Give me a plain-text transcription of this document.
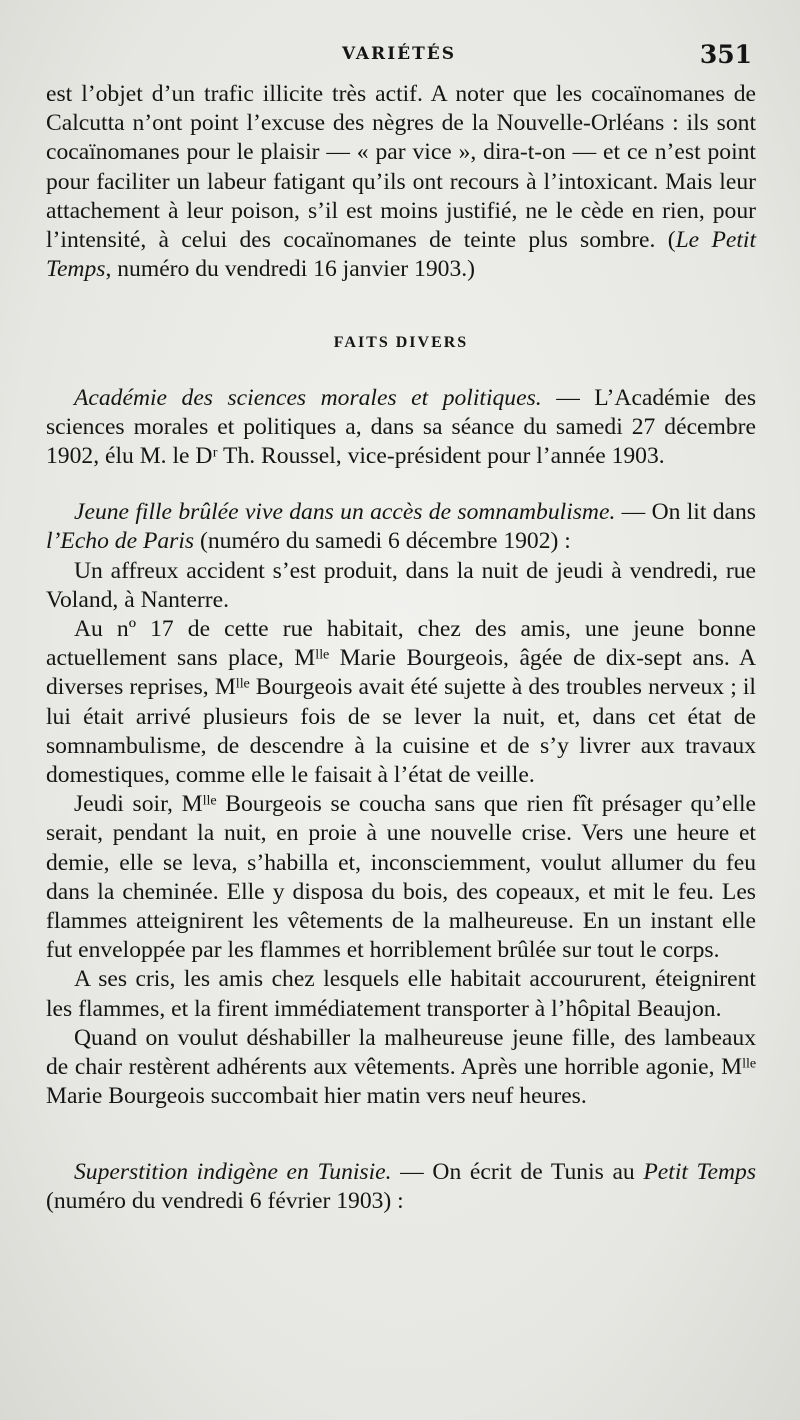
VARIÉTÉS	351

est l’objet d’un trafic illicite très actif. A noter que les cocaïnomanes de Calcutta n’ont point l’excuse des nègres de la Nouvelle-Orléans : ils sont cocaïnomanes pour le plaisir — « par vice », dira-t-on — et ce n’est point pour faciliter un labeur fatigant qu’ils ont recours à l’intoxicant. Mais leur attachement à leur poison, s’il est moins justifié, ne le cède en rien, pour l’intensité, à celui des cocaïnomanes de teinte plus sombre. (Le Petit Temps, numéro du vendredi 16 janvier 1903.)

FAITS DIVERS

Académie des sciences morales et politiques. — L’Académie des sciences morales et politiques a, dans sa séance du samedi 27 décembre 1902, élu M. le Dʳ Th. Roussel, vice-président pour l’année 1903.

Jeune fille brûlée vive dans un accès de somnambulisme. — On lit dans l’Echo de Paris (numéro du samedi 6 décembre 1902) :

Un affreux accident s’est produit, dans la nuit de jeudi à vendredi, rue Voland, à Nanterre.

Au nº 17 de cette rue habitait, chez des amis, une jeune bonne actuellement sans place, Mˡˡᵉ Marie Bourgeois, âgée de dix-sept ans. A diverses reprises, Mˡˡᵉ Bourgeois avait été sujette à des troubles nerveux ; il lui était arrivé plusieurs fois de se lever la nuit, et, dans cet état de somnambulisme, de descendre à la cuisine et de s’y livrer aux travaux domestiques, comme elle le faisait à l’état de veille.

Jeudi soir, Mˡˡᵉ Bourgeois se coucha sans que rien fît présager qu’elle serait, pendant la nuit, en proie à une nouvelle crise. Vers une heure et demie, elle se leva, s’habilla et, inconsciemment, voulut allumer du feu dans la cheminée. Elle y disposa du bois, des copeaux, et mit le feu. Les flammes atteignirent les vêtements de la malheureuse. En un instant elle fut enveloppée par les flammes et horriblement brûlée sur tout le corps.

A ses cris, les amis chez lesquels elle habitait accoururent, éteignirent les flammes, et la firent immédiatement transporter à l’hôpital Beaujon.

Quand on voulut déshabiller la malheureuse jeune fille, des lambeaux de chair restèrent adhérents aux vêtements. Après une horrible agonie, Mˡˡᵉ Marie Bourgeois succombait hier matin vers neuf heures.

Superstition indigène en Tunisie. — On écrit de Tunis au Petit Temps (numéro du vendredi 6 février 1903) :
